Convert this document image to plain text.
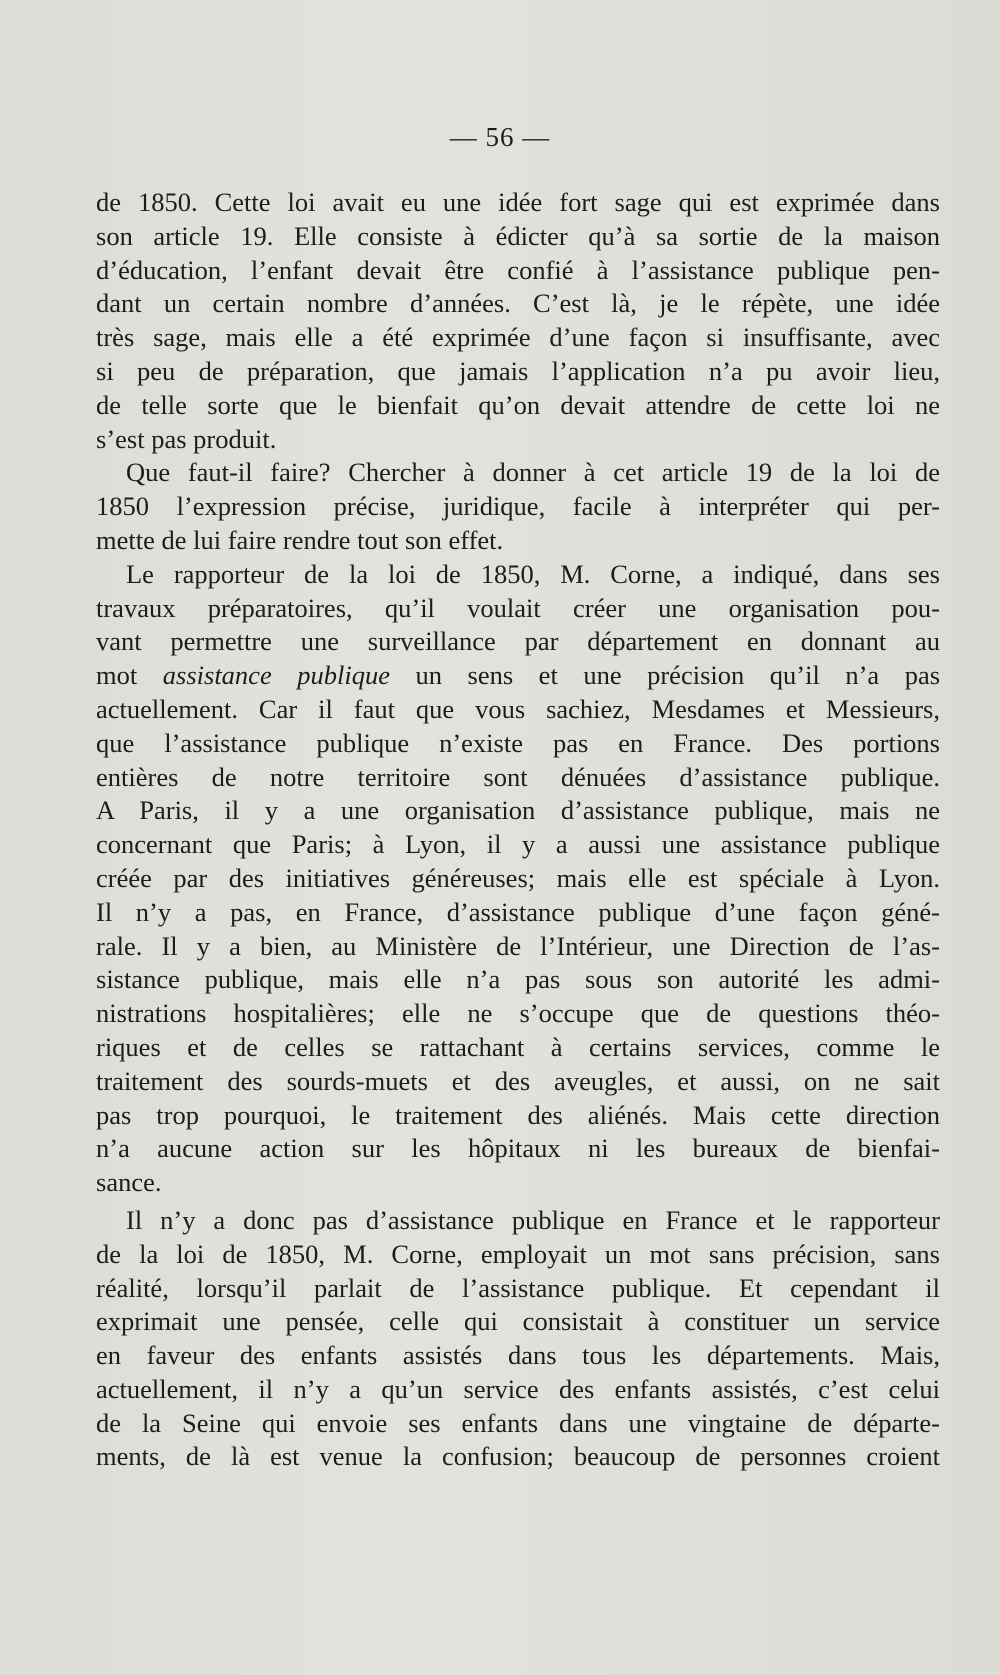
— 56 —
de 1850. Cette loi avait eu une idée fort sage qui est exprimée dans
son article 19. Elle consiste à édicter qu’à sa sortie de la maison
d’éducation, l’enfant devait être confié à l’assistance publique pen-
dant un certain nombre d’années. C’est là, je le répète, une idée
très sage, mais elle a été exprimée d’une façon si insuffisante, avec
si peu de préparation, que jamais l’application n’a pu avoir lieu,
de telle sorte que le bienfait qu’on devait attendre de cette loi ne
s’est pas produit.
Que faut-il faire? Chercher à donner à cet article 19 de la loi de
1850 l’expression précise, juridique, facile à interpréter qui per-
mette de lui faire rendre tout son effet.
Le rapporteur de la loi de 1850, M. Corne, a indiqué, dans ses
travaux préparatoires, qu’il voulait créer une organisation pou-
vant permettre une surveillance par département en donnant au
mot assistance publique un sens et une précision qu’il n’a pas
actuellement. Car il faut que vous sachiez, Mesdames et Messieurs,
que l’assistance publique n’existe pas en France. Des portions
entières de notre territoire sont dénuées d’assistance publique.
A Paris, il y a une organisation d’assistance publique, mais ne
concernant que Paris; à Lyon, il y a aussi une assistance publique
créée par des initiatives généreuses; mais elle est spéciale à Lyon.
Il n’y a pas, en France, d’assistance publique d’une façon géné-
rale. Il y a bien, au Ministère de l’Intérieur, une Direction de l’as-
sistance publique, mais elle n’a pas sous son autorité les admi-
nistrations hospitalières; elle ne s’occupe que de questions théo-
riques et de celles se rattachant à certains services, comme le
traitement des sourds-muets et des aveugles, et aussi, on ne sait
pas trop pourquoi, le traitement des aliénés. Mais cette direction
n’a aucune action sur les hôpitaux ni les bureaux de bienfai-
sance.
Il n’y a donc pas d’assistance publique en France et le rapporteur
de la loi de 1850, M. Corne, employait un mot sans précision, sans
réalité, lorsqu’il parlait de l’assistance publique. Et cependant il
exprimait une pensée, celle qui consistait à constituer un service
en faveur des enfants assistés dans tous les départements. Mais,
actuellement, il n’y a qu’un service des enfants assistés, c’est celui
de la Seine qui envoie ses enfants dans une vingtaine de départe-
ments, de là est venue la confusion; beaucoup de personnes croient
